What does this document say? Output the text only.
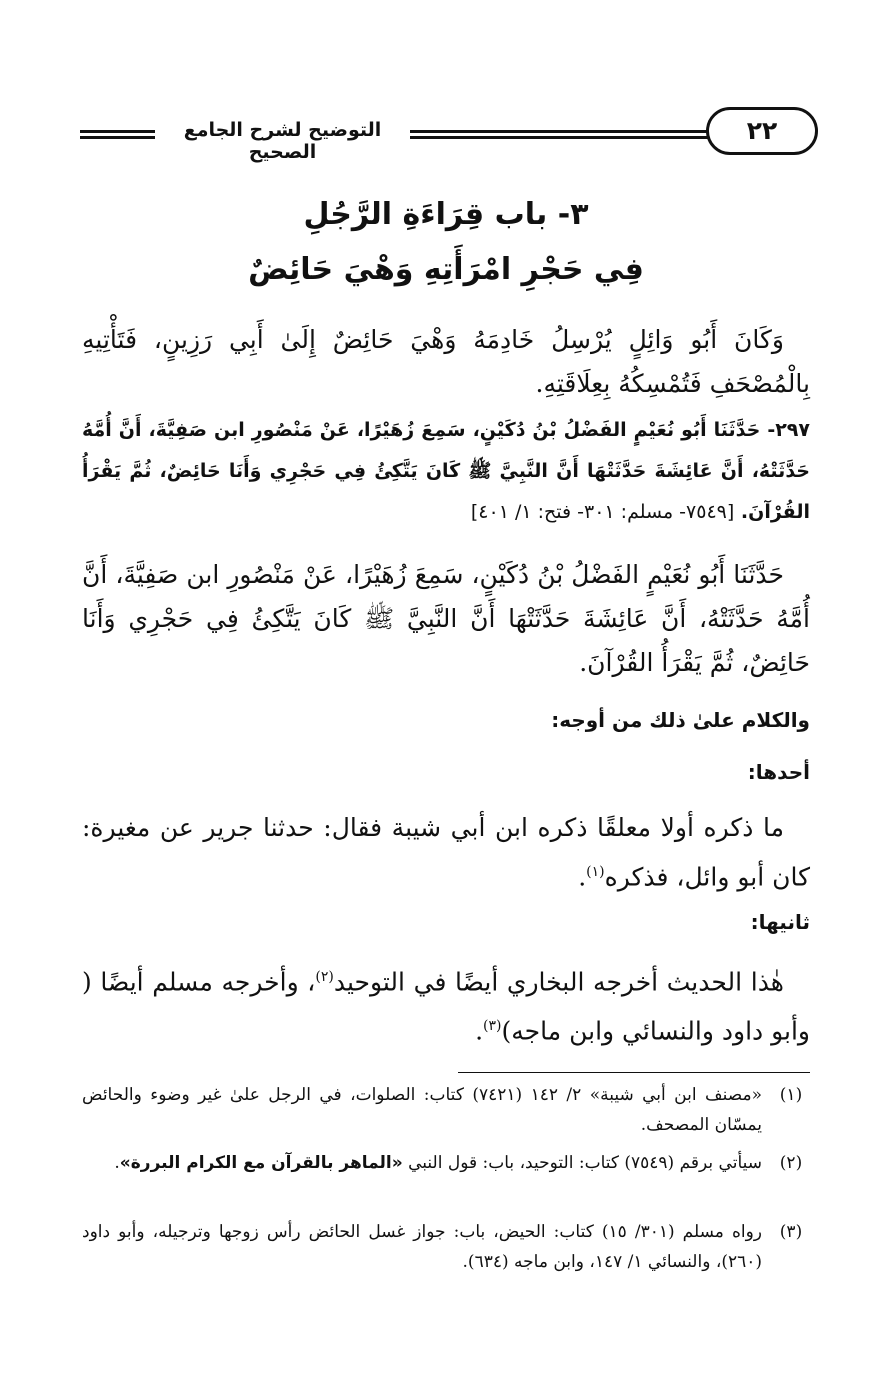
التوضيح لشرح الجامع الصحيح
٢٢
٣- باب قِرَاءَةِ الرَّجُلِ
فِي حَجْرِ امْرَأَتِهِ وَهْيَ حَائِضٌ
وَكَانَ أَبُو وَائِلٍ يُرْسِلُ خَادِمَهُ وَهْيَ حَائِضٌ إِلَىٰ أَبِي رَزِينٍ، فَتَأْتِيهِ بِالْمُصْحَفِ فَتُمْسِكُهُ بِعِلَاقَتِهِ.
٢٩٧- حَدَّثَنَا أَبُو نُعَيْمٍ الفَضْلُ بْنُ دُكَيْنٍ، سَمِعَ زُهَيْرًا، عَنْ مَنْصُورِ ابن صَفِيَّةَ، أَنَّ أُمَّهُ حَدَّثَتْهُ، أَنَّ عَائِشَةَ حَدَّثَتْهَا أَنَّ النَّبِيَّ ﷺ كَانَ يَتَّكِئُ فِي حَجْرِي وَأَنَا حَائِضٌ، ثُمَّ يَقْرَأُ القُرْآنَ. [٧٥٤٩- مسلم: ٣٠١- فتح: ١/ ٤٠١]
حَدَّثَنَا أَبُو نُعَيْمٍ الفَضْلُ بْنُ دُكَيْنٍ، سَمِعَ زُهَيْرًا، عَنْ مَنْصُورِ ابن صَفِيَّةَ، أَنَّ أُمَّهُ حَدَّثَتْهُ، أَنَّ عَائِشَةَ حَدَّثَتْهَا أَنَّ النَّبِيَّ ﷺ كَانَ يَتَّكِئُ فِي حَجْرِي وَأَنَا حَائِضٌ، ثُمَّ يَقْرَأُ القُرْآنَ.
والكلام علىٰ ذلك من أوجه:
أحدها:
ما ذكره أولا معلقًا ذكره ابن أبي شيبة فقال: حدثنا جرير عن مغيرة: كان أبو وائل، فذكره$^{(١)}$.
ثانيها:
هٰذا الحديث أخرجه البخاري أيضًا في التوحيد$^{(٢)}$، وأخرجه مسلم أيضًا ( وأبو داود والنسائي وابن ماجه)$^{(٣)}$.
(١)
«مصنف ابن أبي شيبة» ٢/ ١٤٢ (٧٤٢١) كتاب: الصلوات، في الرجل علىٰ غير وضوء والحائض يمسّان المصحف.
(٢)
سيأتي برقم (٧٥٤٩) كتاب: التوحيد، باب: قول النبي «الماهر بالقرآن مع الكرام البررة».
(٣)
رواه مسلم (٣٠١/ ١٥) كتاب: الحيض، باب: جواز غسل الحائض رأس زوجها وترجيله، وأبو داود (٢٦٠)، والنسائي ١/ ١٤٧، وابن ماجه (٦٣٤).
